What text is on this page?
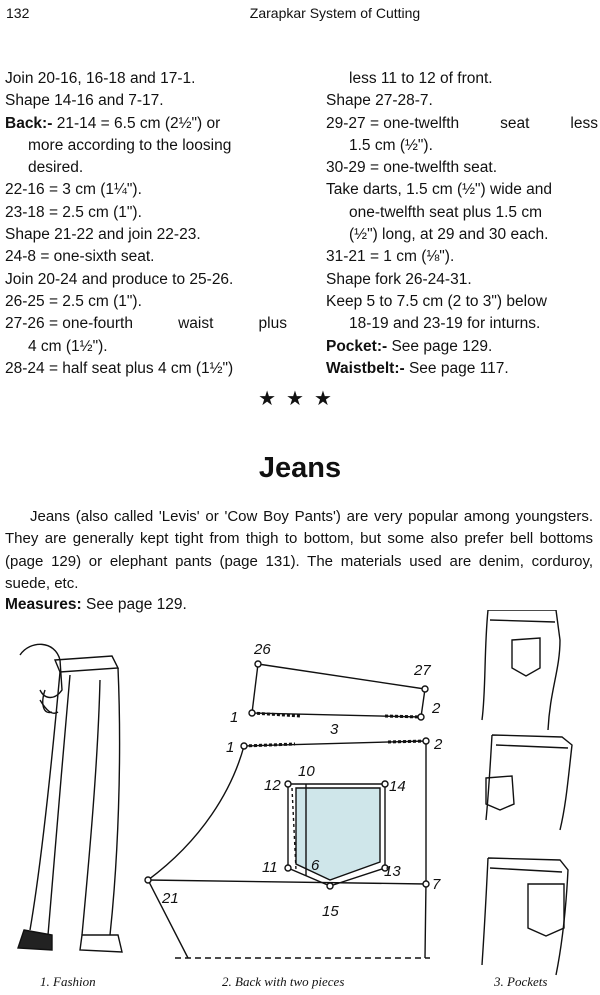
132	Zarapkar System of Cutting
Join 20-16, 16-18 and 17-1.
Shape 14-16 and 7-17.
Back:- 21-14 = 6.5 cm (2½") or
more according to the loosing
desired.
22-16 = 3 cm (1¼").
23-18 = 2.5 cm (1").
Shape 21-22 and join 22-23.
24-8 = one-sixth seat.
Join 20-24 and produce to 25-26.
26-25 = 2.5 cm (1").
27-26 = one-fourth	waist	plus
4 cm (1½").
28-24 = half seat plus 4 cm (1½")
less 11 to 12 of front.
Shape 27-28-7.
29-27 = one-twelfth	seat	less
1.5 cm (½").
30-29 = one-twelfth seat.
Take darts, 1.5 cm (½") wide and
one-twelfth seat plus 1.5 cm
(½") long, at 29 and 30 each.
31-21 = 1 cm (⅛").
Shape fork 26-24-31.
Keep 5 to 7.5 cm (2 to 3") below
18-19 and 23-19 for inturns.
Pocket:- See page 129.
Waistbelt:- See page 117.
★★★
Jeans
Jeans (also called 'Levis' or 'Cow Boy Pants') are very popular among youngsters. They are generally kept tight from thigh to bottom, but some also prefer bell bottoms (page 129) or elephant pants (page 131). The materials used are denim, corduroy, suede, etc.
Measures: See page 129.
26
27
1
2
3
1	2
10
12	14
11 6	13
7
21
15
1. Fashion	2. Back with two pieces	3. Pockets
